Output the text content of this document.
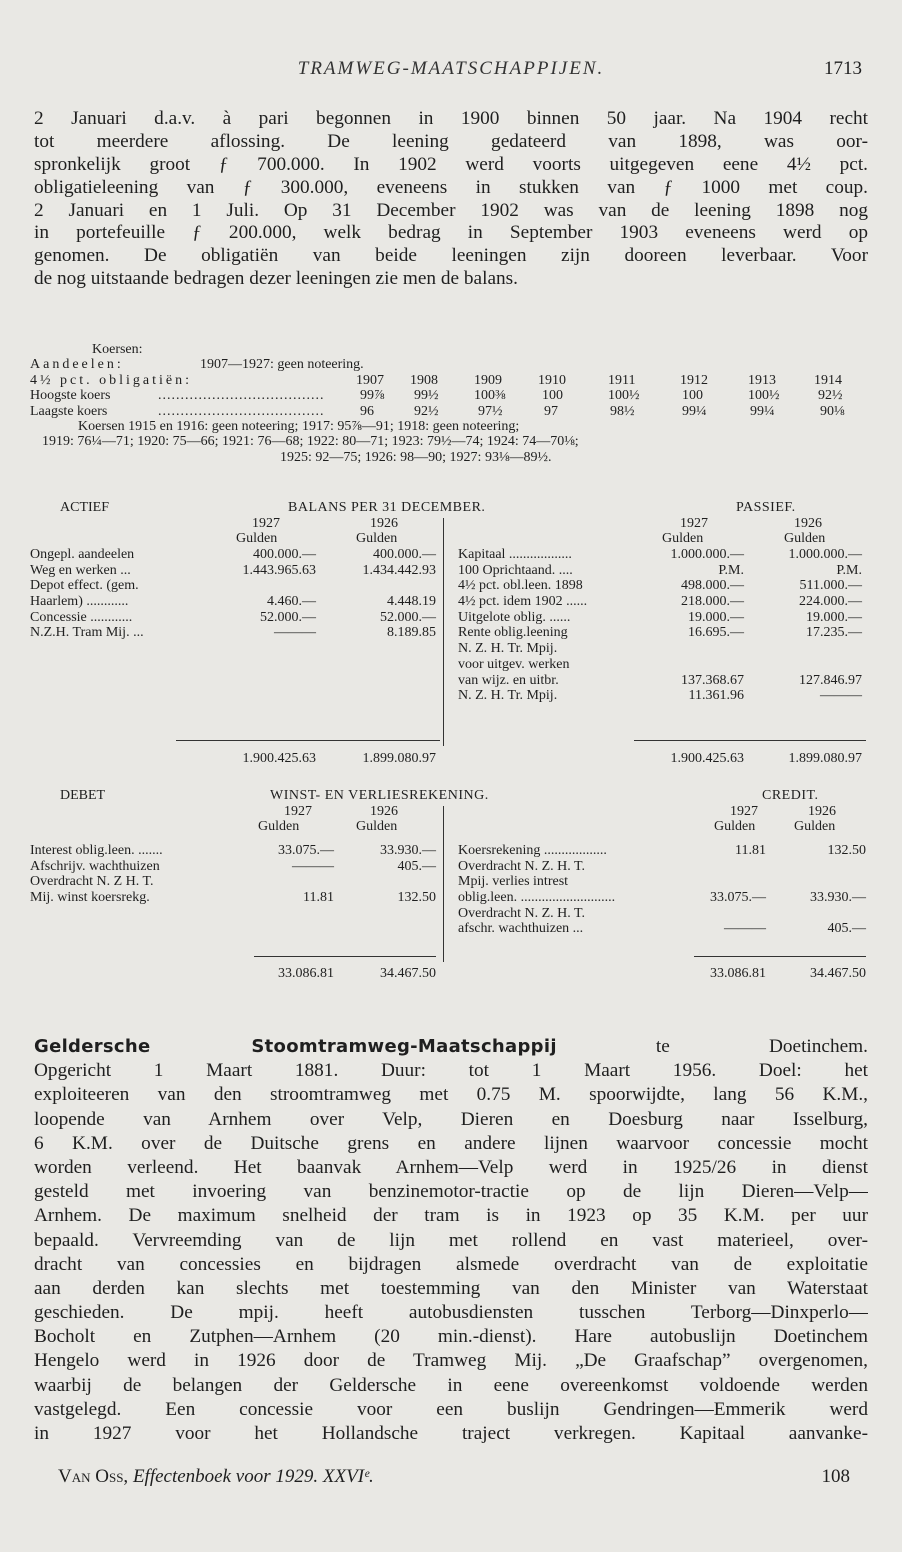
TRAMWEG-MAATSCHAPPIJEN.	1713
2 Januari d.a.v. à pari begonnen in 1900 binnen 50 jaar. Na 1904 recht
tot meerdere aflossing. De leening gedateerd van 1898, was oor-
spronkelijk groot ƒ 700.000. In 1902 werd voorts uitgegeven eene 4½ pct.
obligatieleening van ƒ 300.000, eveneens in stukken van ƒ 1000 met coup.
2 Januari en 1 Juli. Op 31 December 1902 was van de leening 1898 nog
in portefeuille ƒ 200.000, welk bedrag in September 1903 eveneens werd op
genomen. De obligatiën van beide leeningen zijn dooreen leverbaar. Voor
de nog uitstaande bedragen dezer leeningen zie men de balans.
Koersen:
Aandeelen:	1907—1927: geen noteering.
4½ pct. obligatiën:	1907 1908	1909	1910	1911	1912	1913	1914
Hoogste koers	.....................................	99⅞ 99½	100⅜	100	100½	100	100½	92½
Laagste koers	.....................................	96	92½	97½	97	98½	99¼	99¼	90⅛
Koersen 1915 en 1916: geen noteering; 1917: 95⅞—91; 1918: geen noteering;
1919: 76¼—71; 1920: 75—66; 1921: 76—68; 1922: 80—71; 1923: 79½—74; 1924: 74—70⅛;
1925: 92—75; 1926: 98—90; 1927: 93⅛—89½.
ACTIEF	BALANS PER 31 DECEMBER.	PASSIEF.
1927	1926	1927	1926
Gulden	Gulden	Gulden	Gulden
Ongepl. aandeelen	400.000.—	400.000.—
Weg en werken ...	1.443.965.63	1.434.442.93
Depot effect. (gem.
Haarlem) ............	4.460.—	4.448.19
Concessie ............	52.000.—	52.000.—
N.Z.H. Tram Mij. ...	———	8.189.85
Kapitaal ..................	1.000.000.—	1.000.000.—
100 Oprichtaand. ....	P.M.	P.M.
4½ pct. obl.leen. 1898	498.000.—	511.000.—
4½ pct. idem 1902 ......	218.000.—	224.000.—
Uitgelote oblig. ......	19.000.—	19.000.—
Rente oblig.leening	16.695.—	17.235.—
N. Z. H. Tr. Mpij.
voor uitgev. werken
van wijz. en uitbr.	137.368.67	127.846.97
N. Z. H. Tr. Mpij.	11.361.96	———
1.900.425.63	1.899.080.97	1.900.425.63	1.899.080.97
DEBET	WINST- EN VERLIESREKENING.	CREDIT.
1927	1926	1927	1926
Gulden	Gulden	Gulden	Gulden
Interest oblig.leen. .......	33.075.—	33.930.—
Afschrijv. wachthuizen	———	405.—
Overdracht N. Z H. T.
Mij. winst koersrekg.	11.81	132.50
Koersrekening ..................	11.81	132.50
Overdracht N. Z. H. T.
Mpij. verlies intrest
oblig.leen. ...........................	33.075.—	33.930.—
Overdracht N. Z. H. T.
afschr. wachthuizen ...	———	405.—
33.086.81	34.467.50	33.086.81	34.467.50
Geldersche Stoomtramweg-Maatschappij	te Doetinchem.
Opgericht 1 Maart 1881. Duur: tot 1 Maart 1956. Doel: het
exploiteeren van den stroomtramweg met 0.75 M. spoorwijdte, lang 56 K.M.,
loopende van Arnhem over Velp, Dieren en Doesburg naar Isselburg,
6 K.M. over de Duitsche grens en andere lijnen waarvoor concessie mocht
worden verleend. Het baanvak Arnhem—Velp werd in 1925/26 in dienst
gesteld met invoering van benzinemotor-tractie op de lijn Dieren—Velp—
Arnhem. De maximum snelheid der tram is in 1923 op 35 K.M. per uur
bepaald. Vervreemding van de lijn met rollend en vast materieel, over-
dracht van concessies en bijdragen alsmede overdracht van de exploitatie
aan derden kan slechts met toestemming van den Minister van Waterstaat
geschieden. De mpij. heeft autobusdiensten tusschen Terborg—Dinxperlo—
Bocholt en Zutphen—Arnhem (20 min.-dienst). Hare autobuslijn Doetinchem
Hengelo werd in 1926 door de Tramweg Mij. „De Graafschap” overgenomen,
waarbij de belangen der Geldersche in eene overeenkomst voldoende werden
vastgelegd. Een concessie voor een buslijn Gendringen—Emmerik werd
in 1927 voor het Hollandsche traject verkregen. Kapitaal aanvanke-
Van Oss, Effectenboek voor 1929. XXVIᵉ.	108
